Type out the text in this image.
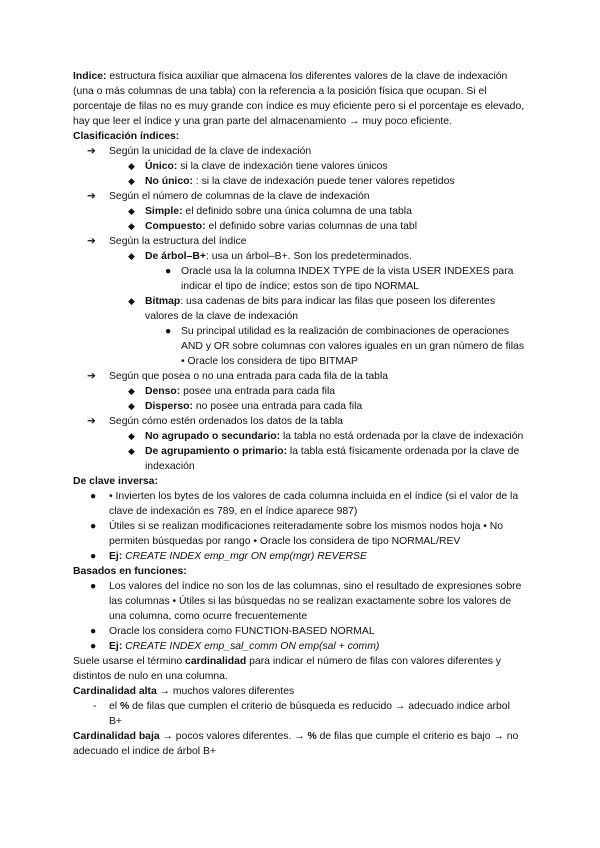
Indice: estructura física auxiliar que almacena los diferentes valores de la clave de indexación (una o más columnas de una tabla) con la referencia a la posición física que ocupan. Si el porcentaje de filas no es muy grande con índice es muy eficiente pero si el porcentaje es elevado, hay que leer el índice y una gran parte del almacenamiento → muy poco eficiente.

Clasificación índices:

➔ Según la unicidad de la clave de indexación
◆ Único: si la clave de indexación tiene valores únicos
◆ No único: : si la clave de indexación puede tener valores repetidos
➔ Según el número de columnas de la clave de indexación
◆ Simple: el definido sobre una única columna de una tabla
◆ Compuesto: el definido sobre varias columnas de una tabl
➔ Según la estructura del índice
◆ De árbol–B+: usa un árbol–B+. Son los predeterminados.
● Oracle usa la la columna INDEX TYPE de la vista USER INDEXES para indicar el tipo de índice; estos son de tipo NORMAL
◆ Bitmap: usa cadenas de bits para indicar las filas que poseen los diferentes valores de la clave de indexación
● Su principal utilidad es la realización de combinaciones de operaciones AND y OR sobre columnas con valores iguales en un gran número de filas • Oracle los considera de tipo BITMAP
➔ Según que posea o no una entrada para cada fila de la tabla
◆ Denso: posee una entrada para cada fila
◆ Disperso: no posee una entrada para cada fila
➔ Según cómo estén ordenados los datos de la tabla
◆ No agrupado o secundario: la tabla no está ordenada por la clave de indexación
◆ De agrupamiento o primario: la tabla está físicamente ordenada por la clave de indexación

De clave inversa:

● • Invierten los bytes de los valores de cada columna incluida en el índice (si el valor de la clave de indexación es 789, en el índice aparece 987)
● Útiles si se realizan modificaciones reiteradamente sobre los mismos nodos hoja • No permiten búsquedas por rango • Oracle los considera de tipo NORMAL/REV
● Ej: CREATE INDEX emp_mgr ON emp(mgr) REVERSE

Basados en funciones:

● Los valores del índice no son los de las columnas, sino el resultado de expresiones sobre las columnas • Útiles si las búsquedas no se realizan exactamente sobre los valores de una columna, como ocurre frecuentemente
● Oracle los considera como FUNCTION-BASED NORMAL
● Ej: CREATE INDEX emp_sal_comm ON emp(sal + comm)

Suele usarse el término cardinalidad para indicar el número de filas con valores diferentes y distintos de nulo en una columna.

Cardinalidad alta → muchos valores diferentes

- el % de filas que cumplen el criterio de búsqueda es reducido → adecuado indice arbol B+

Cardinalidad baja → pocos valores diferentes. → % de filas que cumple el criterio es bajo → no adecuado el indice de árbol B+
